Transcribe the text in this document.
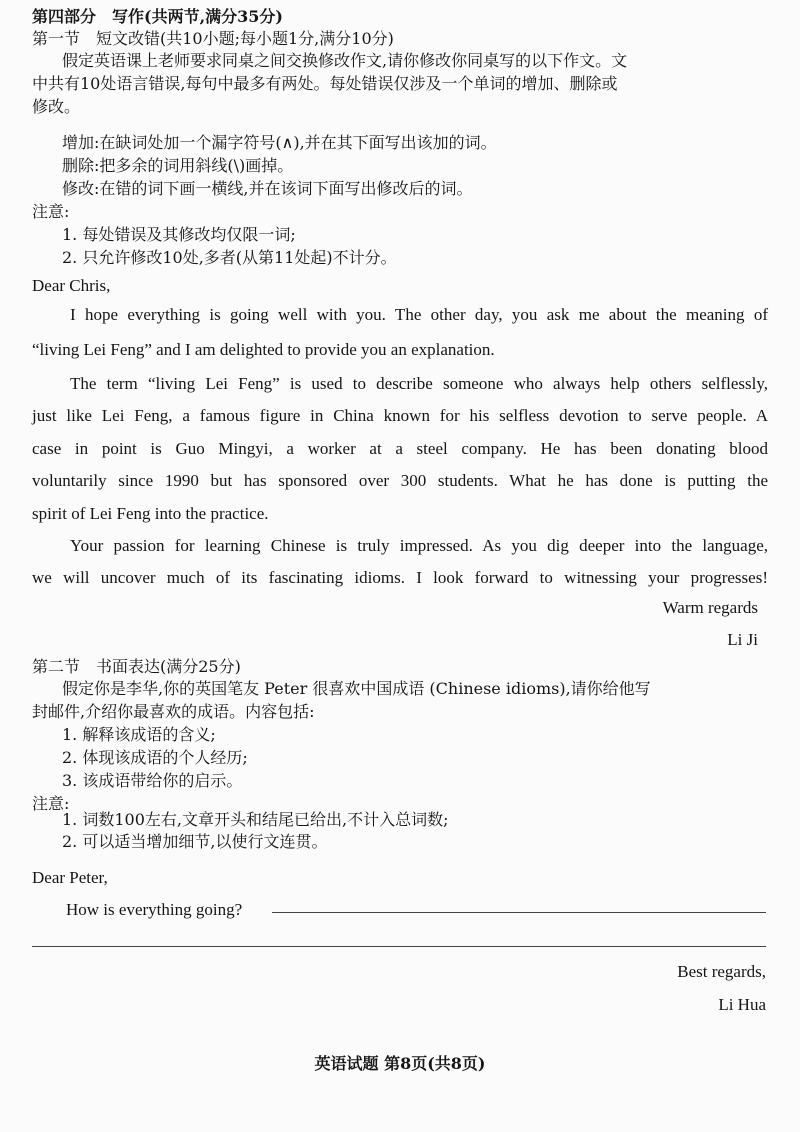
第四部分　写作(共两节,满分35分)
第一节　短文改错(共10小题;每小题1分,满分10分)
假定英语课上老师要求同桌之间交换修改作文,请你修改你同桌写的以下作文。文
中共有10处语言错误,每句中最多有两处。每处错误仅涉及一个单词的增加、删除或
修改。
增加:在缺词处加一个漏字符号(∧),并在其下面写出该加的词。
删除:把多余的词用斜线(\)画掉。
修改:在错的词下画一横线,并在该词下面写出修改后的词。
注意:
1. 每处错误及其修改均仅限一词;
2. 只允许修改10处,多者(从第11处起)不计分。
Dear Chris,
I hope everything is going well with you. The other day, you ask me about the meaning of
“living Lei Feng” and I am delighted to provide you an explanation.
The term “living Lei Feng” is used to describe someone who always help others selflessly,
just like Lei Feng, a famous figure in China known for his selfless devotion to serve people. A
case in point is Guo Mingyi, a worker at a steel company. He has been donating blood
voluntarily since 1990 but has sponsored over 300 students. What he has done is putting the
spirit of Lei Feng into the practice.
Your passion for learning Chinese is truly impressed. As you dig deeper into the language,
we will uncover much of its fascinating idioms. I look forward to witnessing your progresses!
Warm regards
Li Ji
第二节　书面表达(满分25分)
假定你是李华,你的英国笔友 Peter 很喜欢中国成语 (Chinese idioms),请你给他写
封邮件,介绍你最喜欢的成语。内容包括:
1. 解释该成语的含义;
2. 体现该成语的个人经历;
3. 该成语带给你的启示。
注意:
1. 词数100左右,文章开头和结尾已给出,不计入总词数;
2. 可以适当增加细节,以使行文连贯。
Dear Peter,
How is everything going?
Best regards,
Li Hua
英语试题 第8页(共8页)
